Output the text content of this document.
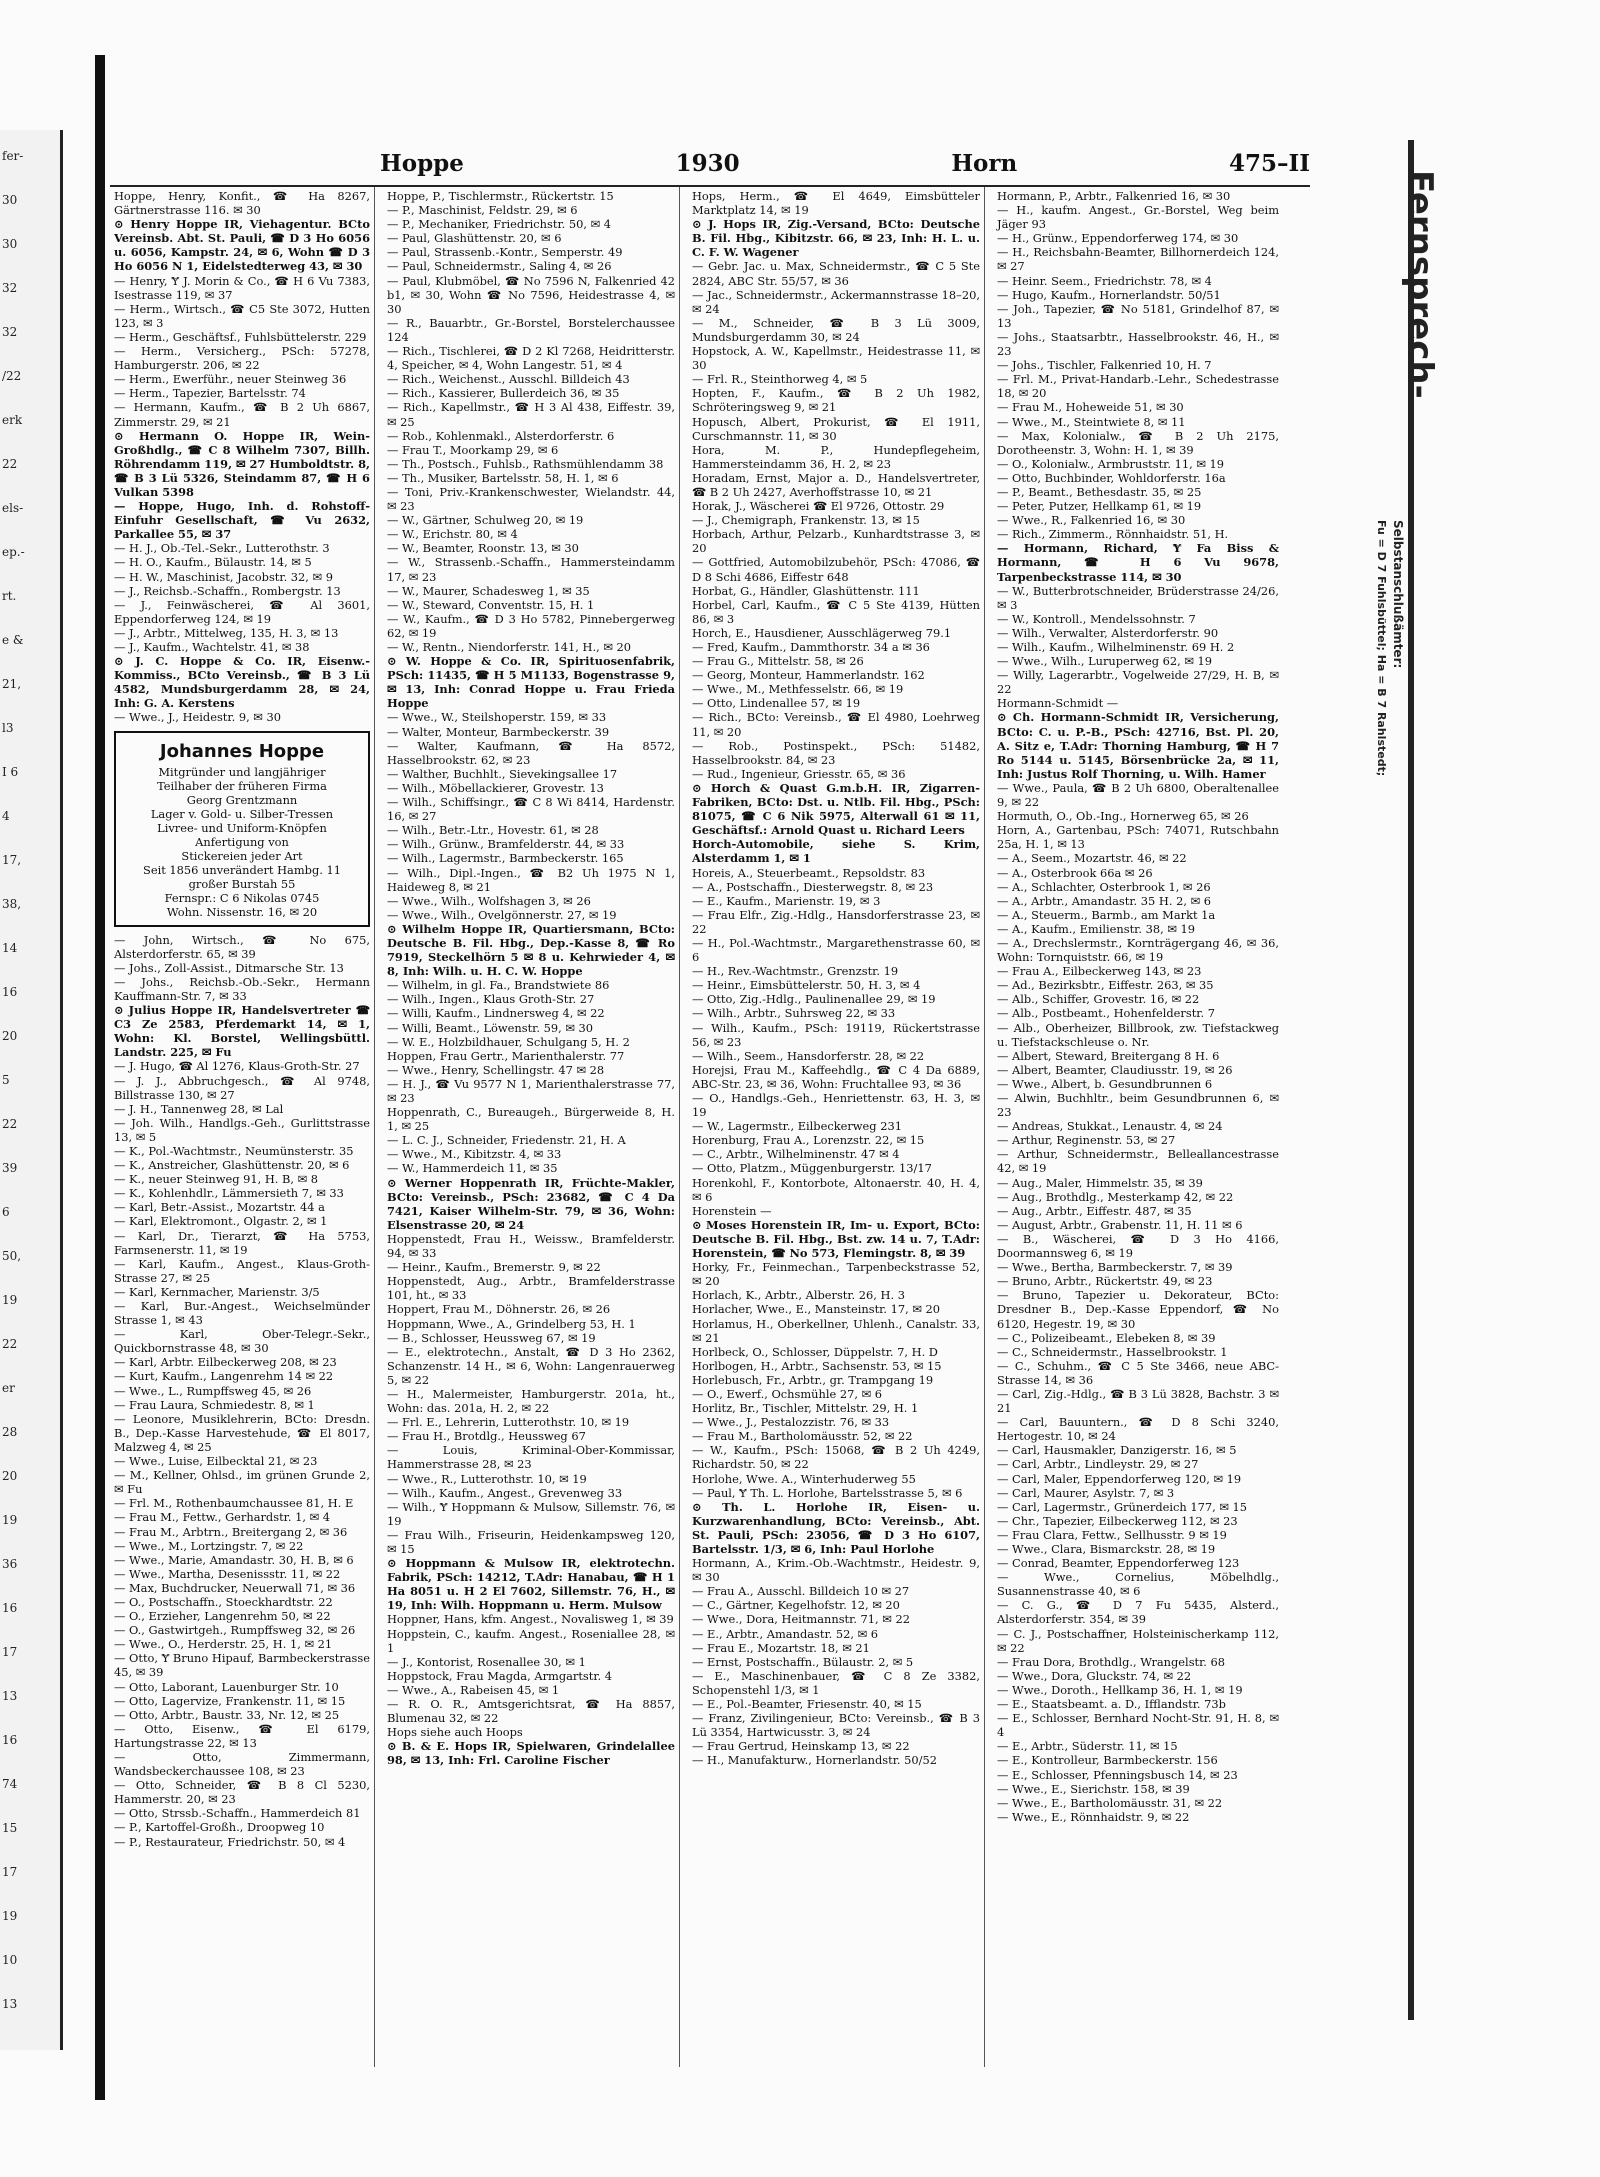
fer-
30
30
32
32
/22
erk
22
els-
ep.-
rt.
e &
21,
l3
I 6
4
17,
38,
14
16
20
5
22
39
6
50,
19
22
er
28
20
19
36
16
17
13
16
74
15
17
19
10
13
Hoppe	1930	Horn	475–II
Hoppe, Henry, Konfit., ☎ Ha 8267, Gärtnerstrasse 116. ✉ 30
⊙ Henry Hoppe IR, Viehagentur. BCto Vereinsb. Abt. St. Pauli, ☎ D 3 Ho 6056 u. 6056, Kampstr. 24, ✉ 6, Wohn ☎ D 3 Ho 6056 N 1, Eidelstedterweg 43, ✉ 30
— Henry, Ɏ J. Morin & Co., ☎ H 6 Vu 7383, Isestrasse 119, ✉ 37
— Herm., Wirtsch., ☎ C5 Ste 3072, Hutten 123, ✉ 3
— Herm., Geschäftsf., Fuhlsbüttelerstr. 229
— Herm., Versicherg., PSch: 57278, Hamburgerstr. 206, ✉ 22
— Herm., Ewerführ., neuer Steinweg 36
— Herm., Tapezier, Bartelsstr. 74
— Hermann, Kaufm., ☎ B 2 Uh 6867, Zimmerstr. 29, ✉ 21
⊙ Hermann O. Hoppe IR, Wein-Großhdlg., ☎ C 8 Wilhelm 7307, Billh. Röhrendamm 119, ✉ 27 Humboldtstr. 8, ☎ B 3 Lü 5326, Steindamm 87, ☎ H 6 Vulkan 5398
— Hoppe, Hugo, Inh. d. Rohstoff-Einfuhr Gesellschaft, ☎ Vu 2632, Parkallee 55, ✉ 37
— H. J., Ob.-Tel.-Sekr., Lutterothstr. 3
— H. O., Kaufm., Bülaustr. 14, ✉ 5
— H. W., Maschinist, Jacobstr. 32, ✉ 9
— J., Reichsb.-Schaffn., Rombergstr. 13
— J., Feinwäscherei, ☎ Al 3601, Eppendorferweg 124, ✉ 19
— J., Arbtr., Mittelweg, 135, H. 3, ✉ 13
— J., Kaufm., Wachtelstr. 41, ✉ 38
⊙ J. C. Hoppe & Co. IR, Eisenw.-Kommiss., BCto Vereinsb., ☎ B 3 Lü 4582, Mundsburgerdamm 28, ✉ 24, Inh: G. A. Kerstens
— Wwe., J., Heidestr. 9, ✉ 30
Johannes Hoppe
Mitgründer und langjähriger
Teilhaber der früheren Firma
Georg Grentzmann
Lager v. Gold- u. Silber-Tressen
Livree- und Uniform-Knöpfen
Anfertigung von
Stickereien jeder Art
Seit 1856 unverändert Hambg. 11
großer Burstah 55
Fernspr.: C 6 Nikolas 0745
Wohn. Nissenstr. 16, ✉ 20
— John, Wirtsch., ☎ No 675, Alsterdorferstr. 65, ✉ 39
— Johs., Zoll-Assist., Ditmarsche Str. 13
— Johs., Reichsb.-Ob.-Sekr., Hermann Kauffmann-Str. 7, ✉ 33
⊙ Julius Hoppe IR, Handelsvertreter ☎ C3 Ze 2583, Pferdemarkt 14, ✉ 1, Wohn: Kl. Borstel, Wellingsbüttl. Landstr. 225, ✉ Fu
— J. Hugo, ☎ Al 1276, Klaus-Groth-Str. 27
— J. J., Abbruchgesch., ☎ Al 9748, Billstrasse 130, ✉ 27
— J. H., Tannenweg 28, ✉ Lal
— Joh. Wilh., Handlgs.-Geh., Gurlittstrasse 13, ✉ 5
— K., Pol.-Wachtmstr., Neumünsterstr. 35
— K., Anstreicher, Glashüttenstr. 20, ✉ 6
— K., neuer Steinweg 91, H. B, ✉ 8
— K., Kohlenhdlr., Lämmersieth 7, ✉ 33
— Karl, Betr.-Assist., Mozartstr. 44 a
— Karl, Elektromont., Olgastr. 2, ✉ 1
— Karl, Dr., Tierarzt, ☎ Ha 5753, Farmsenerstr. 11, ✉ 19
— Karl, Kaufm., Angest., Klaus-Groth-Strasse 27, ✉ 25
— Karl, Kernmacher, Marienstr. 3/5
— Karl, Bur.-Angest., Weichselmünder Strasse 1, ✉ 43
— Karl, Ober-Telegr.-Sekr., Quickbornstrasse 48, ✉ 30
— Karl, Arbtr. Eilbeckerweg 208, ✉ 23
— Kurt, Kaufm., Langenrehm 14 ✉ 22
— Wwe., L., Rumpffsweg 45, ✉ 26
— Frau Laura, Schmiedestr. 8, ✉ 1
— Leonore, Musiklehrerin, BCto: Dresdn. B., Dep.-Kasse Harvestehude, ☎ El 8017, Malzweg 4, ✉ 25
— Wwe., Luise, Eilbecktal 21, ✉ 23
— M., Kellner, Ohlsd., im grünen Grunde 2, ✉ Fu
— Frl. M., Rothenbaumchaussee 81, H. E
— Frau M., Fettw., Gerhardstr. 1, ✉ 4
— Frau M., Arbtrn., Breitergang 2, ✉ 36
— Wwe., M., Lortzingstr. 7, ✉ 22
— Wwe., Marie, Amandastr. 30, H. B, ✉ 6
— Wwe., Martha, Desenissstr. 11, ✉ 22
— Max, Buchdrucker, Neuerwall 71, ✉ 36
— O., Postschaffn., Stoeckhardtstr. 22
— O., Erzieher, Langenrehm 50, ✉ 22
— O., Gastwirtgeh., Rumpffsweg 32, ✉ 26
— Wwe., O., Herderstr. 25, H. 1, ✉ 21
— Otto, Ɏ Bruno Hipauf, Barmbeckerstrasse 45, ✉ 39
— Otto, Laborant, Lauenburger Str. 10
— Otto, Lagervize, Frankenstr. 11, ✉ 15
— Otto, Arbtr., Baustr. 33, Nr. 12, ✉ 25
— Otto, Eisenw., ☎ El 6179, Hartungstrasse 22, ✉ 13
— Otto, Zimmermann, Wandsbeckerchaussee 108, ✉ 23
— Otto, Schneider, ☎ B 8 Cl 5230, Hammerstr. 20, ✉ 23
— Otto, Strssb.-Schaffn., Hammerdeich 81
— P., Kartoffel-Großh., Droopweg 10
— P., Restaurateur, Friedrichstr. 50, ✉ 4
Hoppe, P., Tischlermstr., Rückertstr. 15
— P., Maschinist, Feldstr. 29, ✉ 6
— P., Mechaniker, Friedrichstr. 50, ✉ 4
— Paul, Glashüttenstr. 20, ✉ 6
— Paul, Strassenb.-Kontr., Semperstr. 49
— Paul, Schneidermstr., Saling 4, ✉ 26
— Paul, Klubmöbel, ☎ No 7596 N, Falkenried 42 b1, ✉ 30, Wohn ☎ No 7596, Heidestrasse 4, ✉ 30
— R., Bauarbtr., Gr.-Borstel, Borstelerchaussee 124
— Rich., Tischlerei, ☎ D 2 Kl 7268, Heidritterstr. 4, Speicher, ✉ 4, Wohn Langestr. 51, ✉ 4
— Rich., Weichenst., Ausschl. Billdeich 43
— Rich., Kassierer, Bullerdeich 36, ✉ 35
— Rich., Kapellmstr., ☎ H 3 Al 438, Eiffestr. 39, ✉ 25
— Rob., Kohlenmakl., Alsterdorferstr. 6
— Frau T., Moorkamp 29, ✉ 6
— Th., Postsch., Fuhlsb., Rathsmühlendamm 38
— Th., Musiker, Bartelsstr. 58, H. 1, ✉ 6
— Toni, Priv.-Krankenschwester, Wielandstr. 44, ✉ 23
— W., Gärtner, Schulweg 20, ✉ 19
— W., Erichstr. 80, ✉ 4
— W., Beamter, Roonstr. 13, ✉ 30
— W., Strassenb.-Schaffn., Hammersteindamm 17, ✉ 23
— W., Maurer, Schadesweg 1, ✉ 35
— W., Steward, Conventstr. 15, H. 1
— W., Kaufm., ☎ D 3 Ho 5782, Pinnebergerweg 62, ✉ 19
— W., Rentn., Niendorferstr. 141, H., ✉ 20
⊙ W. Hoppe & Co. IR, Spirituosenfabrik, PSch: 11435, ☎ H 5 M1133, Bogenstrasse 9, ✉ 13, Inh: Conrad Hoppe u. Frau Frieda Hoppe
— Wwe., W., Steilshoperstr. 159, ✉ 33
— Walter, Monteur, Barmbeckerstr. 39
— Walter, Kaufmann, ☎ Ha 8572, Hasselbrookstr. 62, ✉ 23
— Walther, Buchhlt., Sievekingsallee 17
— Wilh., Möbellackierer, Grovestr. 13
— Wilh., Schiffsingr., ☎ C 8 Wi 8414, Hardenstr. 16, ✉ 27
— Wilh., Betr.-Ltr., Hovestr. 61, ✉ 28
— Wilh., Grünw., Bramfelderstr. 44, ✉ 33
— Wilh., Lagermstr., Barmbeckerstr. 165
— Wilh., Dipl.-Ingen., ☎ B2 Uh 1975 N 1, Haideweg 8, ✉ 21
— Wwe., Wilh., Wolfshagen 3, ✉ 26
— Wwe., Wilh., Ovelgönnerstr. 27, ✉ 19
⊙ Wilhelm Hoppe IR, Quartiersmann, BCto: Deutsche B. Fil. Hbg., Dep.-Kasse 8, ☎ Ro 7919, Steckelhörn 5 ✉ 8 u. Kehrwieder 4, ✉ 8, Inh: Wilh. u. H. C. W. Hoppe
— Wilhelm, in gl. Fa., Brandstwiete 86
— Wilh., Ingen., Klaus Groth-Str. 27
— Willi, Kaufm., Lindnersweg 4, ✉ 22
— Willi, Beamt., Löwenstr. 59, ✉ 30
— W. E., Holzbildhauer, Schulgang 5, H. 2
Hoppen, Frau Gertr., Marienthalerstr. 77
— Wwe., Henry, Schellingstr. 47 ✉ 28
— H. J., ☎ Vu 9577 N 1, Marienthalerstrasse 77, ✉ 23
Hoppenrath, C., Bureaugeh., Bürgerweide 8, H. 1, ✉ 25
— L. C. J., Schneider, Friedenstr. 21, H. A
— Wwe., M., Kibitzstr. 4, ✉ 33
— W., Hammerdeich 11, ✉ 35
⊙ Werner Hoppenrath IR, Früchte-Makler, BCto: Vereinsb., PSch: 23682, ☎ C 4 Da 7421, Kaiser Wilhelm-Str. 79, ✉ 36, Wohn: Elsenstrasse 20, ✉ 24
Hoppenstedt, Frau H., Weissw., Bramfelderstr. 94, ✉ 33
— Heinr., Kaufm., Bremerstr. 9, ✉ 22
Hoppenstedt, Aug., Arbtr., Bramfelderstrasse 101, ht., ✉ 33
Hoppert, Frau M., Döhnerstr. 26, ✉ 26
Hoppmann, Wwe., A., Grindelberg 53, H. 1
— B., Schlosser, Heussweg 67, ✉ 19
— E., elektrotechn., Anstalt, ☎ D 3 Ho 2362, Schanzenstr. 14 H., ✉ 6, Wohn: Langenrauerweg 5, ✉ 22
— H., Malermeister, Hamburgerstr. 201a, ht., Wohn: das. 201a, H. 2, ✉ 22
— Frl. E., Lehrerin, Lutterothstr. 10, ✉ 19
— Frau H., Brotdlg., Heussweg 67
— Louis, Kriminal-Ober-Kommissar, Hammerstrasse 28, ✉ 23
— Wwe., R., Lutterothstr. 10, ✉ 19
— Wilh., Kaufm., Angest., Grevenweg 33
— Wilh., Ɏ Hoppmann & Mulsow, Sillemstr. 76, ✉ 19
— Frau Wilh., Friseurin, Heidenkampsweg 120, ✉ 15
⊙ Hoppmann & Mulsow IR, elektrotechn. Fabrik, PSch: 14212, T.Adr: Hanabau, ☎ H 1 Ha 8051 u. H 2 El 7602, Sillemstr. 76, H., ✉ 19, Inh: Wilh. Hoppmann u. Herm. Mulsow
Hoppner, Hans, kfm. Angest., Novalisweg 1, ✉ 39
Hoppstein, C., kaufm. Angest., Roseniallee 28, ✉ 1
— J., Kontorist, Rosenallee 30, ✉ 1
Hoppstock, Frau Magda, Armgartstr. 4
— Wwe., A., Rabeisen 45, ✉ 1
— R. O. R., Amtsgerichtsrat, ☎ Ha 8857, Blumenau 32, ✉ 22
Hops siehe auch Hoops
⊙ B. & E. Hops IR, Spielwaren, Grindelallee 98, ✉ 13, Inh: Frl. Caroline Fischer
Hops, Herm., ☎ El 4649, Eimsbütteler Marktplatz 14, ✉ 19
⊙ J. Hops IR, Zig.-Versand, BCto: Deutsche B. Fil. Hbg., Kibitzstr. 66, ✉ 23, Inh: H. L. u. C. F. W. Wagener
— Gebr. Jac. u. Max, Schneidermstr., ☎ C 5 Ste 2824, ABC Str. 55/57, ✉ 36
— Jac., Schneidermstr., Ackermannstrasse 18–20, ✉ 24
— M., Schneider, ☎ B 3 Lü 3009, Mundsburgerdamm 30, ✉ 24
Hopstock, A. W., Kapellmstr., Heidestrasse 11, ✉ 30
— Frl. R., Steinthorweg 4, ✉ 5
Hopten, F., Kaufm., ☎ B 2 Uh 1982, Schröteringsweg 9, ✉ 21
Hopusch, Albert, Prokurist, ☎ El 1911, Curschmannstr. 11, ✉ 30
Hora, M. P., Hundepflegeheim, Hammersteindamm 36, H. 2, ✉ 23
Horadam, Ernst, Major a. D., Handelsvertreter, ☎ B 2 Uh 2427, Averhoffstrasse 10, ✉ 21
Horak, J., Wäscherei ☎ El 9726, Ottostr. 29
— J., Chemigraph, Frankenstr. 13, ✉ 15
Horbach, Arthur, Pelzarb., Kunhardtstrasse 3, ✉ 20
— Gottfried, Automobilzubehör, PSch: 47086, ☎ D 8 Schi 4686, Eiffestr 648
Horbat, G., Händler, Glashüttenstr. 111
Horbel, Carl, Kaufm., ☎ C 5 Ste 4139, Hütten 86, ✉ 3
Horch, E., Hausdiener, Ausschlägerweg 79.1
— Fred, Kaufm., Dammthorstr. 34 a ✉ 36
— Frau G., Mittelstr. 58, ✉ 26
— Georg, Monteur, Hammerlandstr. 162
— Wwe., M., Methfesselstr. 66, ✉ 19
— Otto, Lindenallee 57, ✉ 19
— Rich., BCto: Vereinsb., ☎ El 4980, Loehrweg 11, ✉ 20
— Rob., Postinspekt., PSch: 51482, Hasselbrookstr. 84, ✉ 23
— Rud., Ingenieur, Griesstr. 65, ✉ 36
⊙ Horch & Quast G.m.b.H. IR, Zigarren-Fabriken, BCto: Dst. u. Ntlb. Fil. Hbg., PSch: 81075, ☎ C 6 Nik 5975, Alterwall 61 ✉ 11, Geschäftsf.: Arnold Quast u. Richard Leers
Horch-Automobile, siehe S. Krim, Alsterdamm 1, ✉ 1
Horeis, A., Steuerbeamt., Repsoldstr. 83
— A., Postschaffn., Diesterwegstr. 8, ✉ 23
— E., Kaufm., Marienstr. 19, ✉ 3
— Frau Elfr., Zig.-Hdlg., Hansdorferstrasse 23, ✉ 22
— H., Pol.-Wachtmstr., Margarethenstrasse 60, ✉ 6
— H., Rev.-Wachtmstr., Grenzstr. 19
— Heinr., Eimsbüttelerstr. 50, H. 3, ✉ 4
— Otto, Zig.-Hdlg., Paulinenallee 29, ✉ 19
— Wilh., Arbtr., Suhrsweg 22, ✉ 33
— Wilh., Kaufm., PSch: 19119, Rückertstrasse 56, ✉ 23
— Wilh., Seem., Hansdorferstr. 28, ✉ 22
Horejsi, Frau M., Kaffeehdlg., ☎ C 4 Da 6889, ABC-Str. 23, ✉ 36, Wohn: Fruchtallee 93, ✉ 36
— O., Handlgs.-Geh., Henriettenstr. 63, H. 3, ✉ 19
— W., Lagermstr., Eilbeckerweg 231
Horenburg, Frau A., Lorenzstr. 22, ✉ 15
— C., Arbtr., Wilhelminenstr. 47 ✉ 4
— Otto, Platzm., Müggenburgerstr. 13/17
Horenkohl, F., Kontorbote, Altonaerstr. 40, H. 4, ✉ 6
Horenstein —
⊙ Moses Horenstein IR, Im- u. Export, BCto: Deutsche B. Fil. Hbg., Bst. zw. 14 u. 7, T.Adr: Horenstein, ☎ No 573, Flemingstr. 8, ✉ 39
Horky, Fr., Feinmechan., Tarpenbeckstrasse 52, ✉ 20
Horlach, K., Arbtr., Alberstr. 26, H. 3
Horlacher, Wwe., E., Mansteinstr. 17, ✉ 20
Horlamus, H., Oberkellner, Uhlenh., Canalstr. 33, ✉ 21
Horlbeck, O., Schlosser, Düppelstr. 7, H. D
Horlbogen, H., Arbtr., Sachsenstr. 53, ✉ 15
Horlebusch, Fr., Arbtr., gr. Trampgang 19
— O., Ewerf., Ochsmühle 27, ✉ 6
Horlitz, Br., Tischler, Mittelstr. 29, H. 1
— Wwe., J., Pestalozzistr. 76, ✉ 33
— Frau M., Bartholomäusstr. 52, ✉ 22
— W., Kaufm., PSch: 15068, ☎ B 2 Uh 4249, Richardstr. 50, ✉ 22
Horlohe, Wwe. A., Winterhuderweg 55
— Paul, Ɏ Th. L. Horlohe, Bartelsstrasse 5, ✉ 6
⊙ Th. L. Horlohe IR, Eisen- u. Kurzwarenhandlung, BCto: Vereinsb., Abt. St. Pauli, PSch: 23056, ☎ D 3 Ho 6107, Bartelsstr. 1/3, ✉ 6, Inh: Paul Horlohe
Hormann, A., Krim.-Ob.-Wachtmstr., Heidestr. 9, ✉ 30
— Frau A., Ausschl. Billdeich 10 ✉ 27
— C., Gärtner, Kegelhofstr. 12, ✉ 20
— Wwe., Dora, Heitmannstr. 71, ✉ 22
— E., Arbtr., Amandastr. 52, ✉ 6
— Frau E., Mozartstr. 18, ✉ 21
— Ernst, Postschaffn., Bülaustr. 2, ✉ 5
— E., Maschinenbauer, ☎ C 8 Ze 3382, Schopenstehl 1/3, ✉ 1
— E., Pol.-Beamter, Friesenstr. 40, ✉ 15
— Franz, Zivilingenieur, BCto: Vereinsb., ☎ B 3 Lü 3354, Hartwicusstr. 3, ✉ 24
— Frau Gertrud, Heinskamp 13, ✉ 22
— H., Manufakturw., Hornerlandstr. 50/52
Hormann, P., Arbtr., Falkenried 16, ✉ 30
— H., kaufm. Angest., Gr.-Borstel, Weg beim Jäger 93
— H., Grünw., Eppendorferweg 174, ✉ 30
— H., Reichsbahn-Beamter, Billhornerdeich 124, ✉ 27
— Heinr. Seem., Friedrichstr. 78, ✉ 4
— Hugo, Kaufm., Hornerlandstr. 50/51
— Joh., Tapezier, ☎ No 5181, Grindelhof 87, ✉ 13
— Johs., Staatsarbtr., Hasselbrookstr. 46, H., ✉ 23
— Johs., Tischler, Falkenried 10, H. 7
— Frl. M., Privat-Handarb.-Lehr., Schedestrasse 18, ✉ 20
— Frau M., Hoheweide 51, ✉ 30
— Wwe., M., Steintwiete 8, ✉ 11
— Max, Kolonialw., ☎ B 2 Uh 2175, Dorotheenstr. 3, Wohn: H. 1, ✉ 39
— O., Kolonialw., Armbruststr. 11, ✉ 19
— Otto, Buchbinder, Wohldorferstr. 16a
— P., Beamt., Bethesdastr. 35, ✉ 25
— Peter, Putzer, Hellkamp 61, ✉ 19
— Wwe., R., Falkenried 16, ✉ 30
— Rich., Zimmerm., Rönnhaidstr. 51, H.
— Hormann, Richard, Ɏ Fa Biss & Hormann, ☎ H 6 Vu 9678, Tarpenbeckstrasse 114, ✉ 30
— W., Butterbrotschneider, Brüderstrasse 24/26, ✉ 3
— W., Kontroll., Mendelssohnstr. 7
— Wilh., Verwalter, Alsterdorferstr. 90
— Wilh., Kaufm., Wilhelminenstr. 69 H. 2
— Wwe., Wilh., Luruperweg 62, ✉ 19
— Willy, Lagerarbtr., Vogelweide 27/29, H. B, ✉ 22
Hormann-Schmidt —
⊙ Ch. Hormann-Schmidt IR, Versicherung, BCto: C. u. P.-B., PSch: 42716, Bst. Pl. 20, A. Sitz e, T.Adr: Thorning Hamburg, ☎ H 7 Ro 5144 u. 5145, Börsenbrücke 2a, ✉ 11, Inh: Justus Rolf Thorning, u. Wilh. Hamer
— Wwe., Paula, ☎ B 2 Uh 6800, Oberaltenallee 9, ✉ 22
Hormuth, O., Ob.-Ing., Hornerweg 65, ✉ 26
Horn, A., Gartenbau, PSch: 74071, Rutschbahn 25a, H. 1, ✉ 13
— A., Seem., Mozartstr. 46, ✉ 22
— A., Osterbrook 66a ✉ 26
— A., Schlachter, Osterbrook 1, ✉ 26
— A., Arbtr., Amandastr. 35 H. 2, ✉ 6
— A., Steuerm., Barmb., am Markt 1a
— A., Kaufm., Emilienstr. 38, ✉ 19
— A., Drechslermstr., Kornträgergang 46, ✉ 36, Wohn: Tornquiststr. 66, ✉ 19
— Frau A., Eilbeckerweg 143, ✉ 23
— Ad., Bezirksbtr., Eiffestr. 263, ✉ 35
— Alb., Schiffer, Grovestr. 16, ✉ 22
— Alb., Postbeamt., Hohenfelderstr. 7
— Alb., Oberheizer, Billbrook, zw. Tiefstackweg u. Tiefstackschleuse o. Nr.
— Albert, Steward, Breitergang 8 H. 6
— Albert, Beamter, Claudiusstr. 19, ✉ 26
— Wwe., Albert, b. Gesundbrunnen 6
— Alwin, Buchhltr., beim Gesundbrunnen 6, ✉ 23
— Andreas, Stukkat., Lenaustr. 4, ✉ 24
— Arthur, Reginenstr. 53, ✉ 27
— Arthur, Schneidermstr., Belleallancestrasse 42, ✉ 19
— Aug., Maler, Himmelstr. 35, ✉ 39
— Aug., Brothdlg., Mesterkamp 42, ✉ 22
— Aug., Arbtr., Eiffestr. 487, ✉ 35
— August, Arbtr., Grabenstr. 11, H. 11 ✉ 6
— B., Wäscherei, ☎ D 3 Ho 4166, Doormannsweg 6, ✉ 19
— Wwe., Bertha, Barmbeckerstr. 7, ✉ 39
— Bruno, Arbtr., Rückertstr. 49, ✉ 23
— Bruno, Tapezier u. Dekorateur, BCto: Dresdner B., Dep.-Kasse Eppendorf, ☎ No 6120, Hegestr. 19, ✉ 30
— C., Polizeibeamt., Elebeken 8, ✉ 39
— C., Schneidermstr., Hasselbrookstr. 1
— C., Schuhm., ☎ C 5 Ste 3466, neue ABC-Strasse 14, ✉ 36
— Carl, Zig.-Hdlg., ☎ B 3 Lü 3828, Bachstr. 3 ✉ 21
— Carl, Bauuntern., ☎ D 8 Schi 3240, Hertogestr. 10, ✉ 24
— Carl, Hausmakler, Danzigerstr. 16, ✉ 5
— Carl, Arbtr., Lindleystr. 29, ✉ 27
— Carl, Maler, Eppendorferweg 120, ✉ 19
— Carl, Maurer, Asylstr. 7, ✉ 3
— Carl, Lagermstr., Grünerdeich 177, ✉ 15
— Chr., Tapezier, Eilbeckerweg 112, ✉ 23
— Frau Clara, Fettw., Sellhusstr. 9 ✉ 19
— Wwe., Clara, Bismarckstr. 28, ✉ 19
— Conrad, Beamter, Eppendorferweg 123
— Wwe., Cornelius, Möbelhdlg., Susannenstrasse 40, ✉ 6
— C. G., ☎ D 7 Fu 5435, Alsterd., Alsterdorferstr. 354, ✉ 39
— C. J., Postschaffner, Holsteinischerkamp 112, ✉ 22
— Frau Dora, Brothdlg., Wrangelstr. 68
— Wwe., Dora, Gluckstr. 74, ✉ 22
— Wwe., Doroth., Hellkamp 36, H. 1, ✉ 19
— E., Staatsbeamt. a. D., Ifflandstr. 73b
— E., Schlosser, Bernhard Nocht-Str. 91, H. 8, ✉ 4
— E., Arbtr., Süderstr. 11, ✉ 15
— E., Kontrolleur, Barmbeckerstr. 156
— E., Schlosser, Pfenningsbusch 14, ✉ 23
— Wwe., E., Sierichstr. 158, ✉ 39
— Wwe., E., Bartholomäusstr. 31, ✉ 22
— Wwe., E., Rönnhaidstr. 9, ✉ 22
Fernsprech-
Selbstanschlußämter:
Fu = D 7 Fuhlsbüttel; Ha = B 7 Rahlstedt;
